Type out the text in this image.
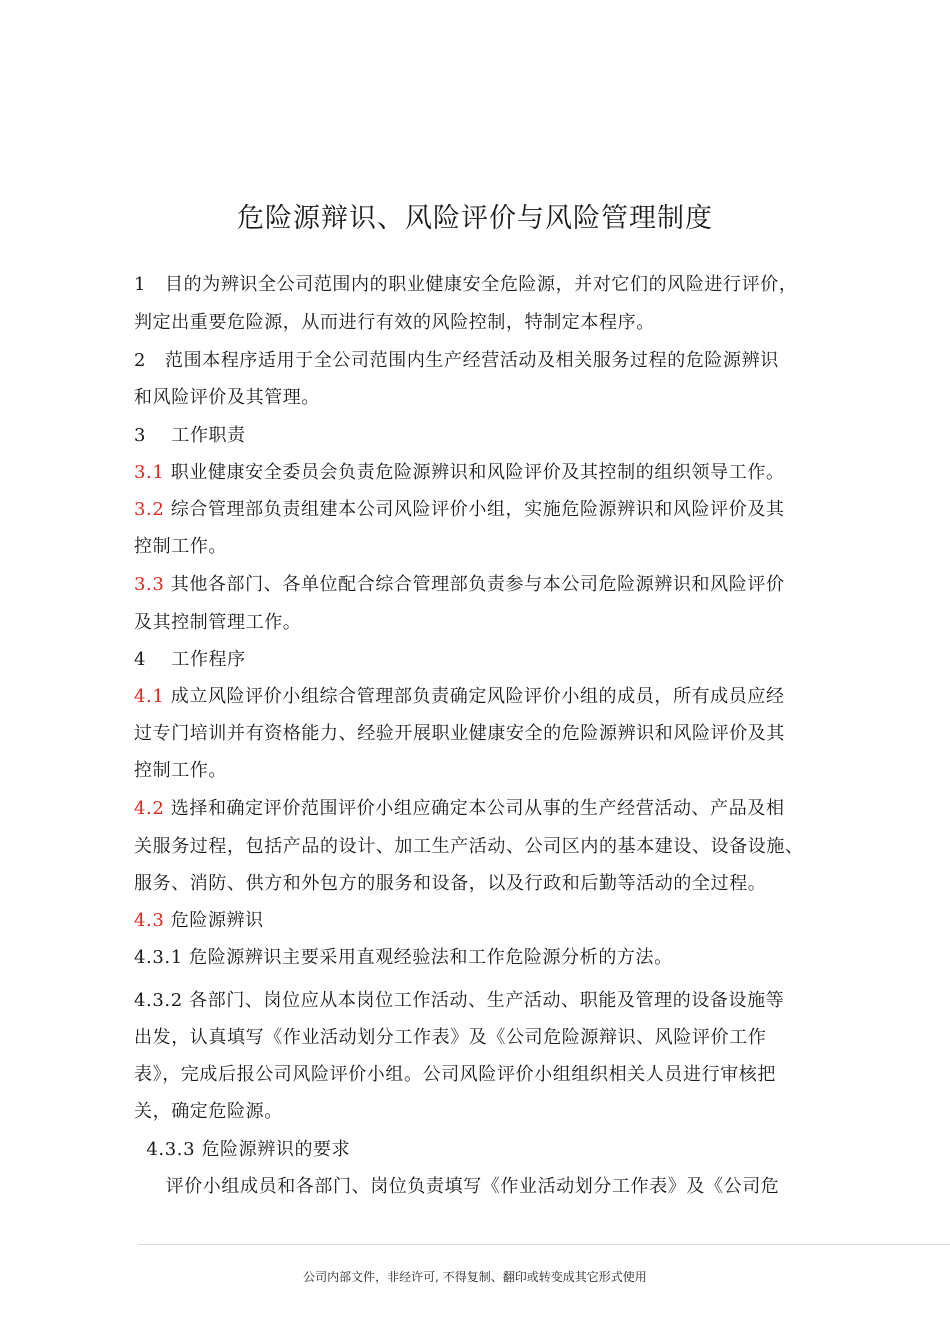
危险源辩识、风险评价与风险管理制度
1   目的为辨识全公司范围内的职业健康安全危险源，并对它们的风险进行评价，
判定出重要危险源，从而进行有效的风险控制，特制定本程序。
2   范围本程序适用于全公司范围内生产经营活动及相关服务过程的危险源辨识
和风险评价及其管理。
3    工作职责
3.1 职业健康安全委员会负责危险源辨识和风险评价及其控制的组织领导工作。
3.2 综合管理部负责组建本公司风险评价小组，实施危险源辨识和风险评价及其
控制工作。
3.3 其他各部门、各单位配合综合管理部负责参与本公司危险源辨识和风险评价
及其控制管理工作。
4    工作程序
4.1 成立风险评价小组综合管理部负责确定风险评价小组的成员，所有成员应经
过专门培训并有资格能力、经验开展职业健康安全的危险源辨识和风险评价及其
控制工作。
4.2 选择和确定评价范围评价小组应确定本公司从事的生产经营活动、产品及相
关服务过程，包括产品的设计、加工生产活动、公司区内的基本建设、设备设施、
服务、消防、供方和外包方的服务和设备，以及行政和后勤等活动的全过程。
4.3 危险源辨识
4.3.1 危险源辨识主要采用直观经验法和工作危险源分析的方法。
4.3.2 各部门、岗位应从本岗位工作活动、生产活动、职能及管理的设备设施等
出发，认真填写《作业活动划分工作表》及《公司危险源辩识、风险评价工作
表》，完成后报公司风险评价小组。公司风险评价小组组织相关人员进行审核把
关，确定危险源。
4.3.3 危险源辨识的要求
评价小组成员和各部门、岗位负责填写《作业活动划分工作表》及《公司危
公司内部文件，非经许可, 不得复制、翻印或转变成其它形式使用
